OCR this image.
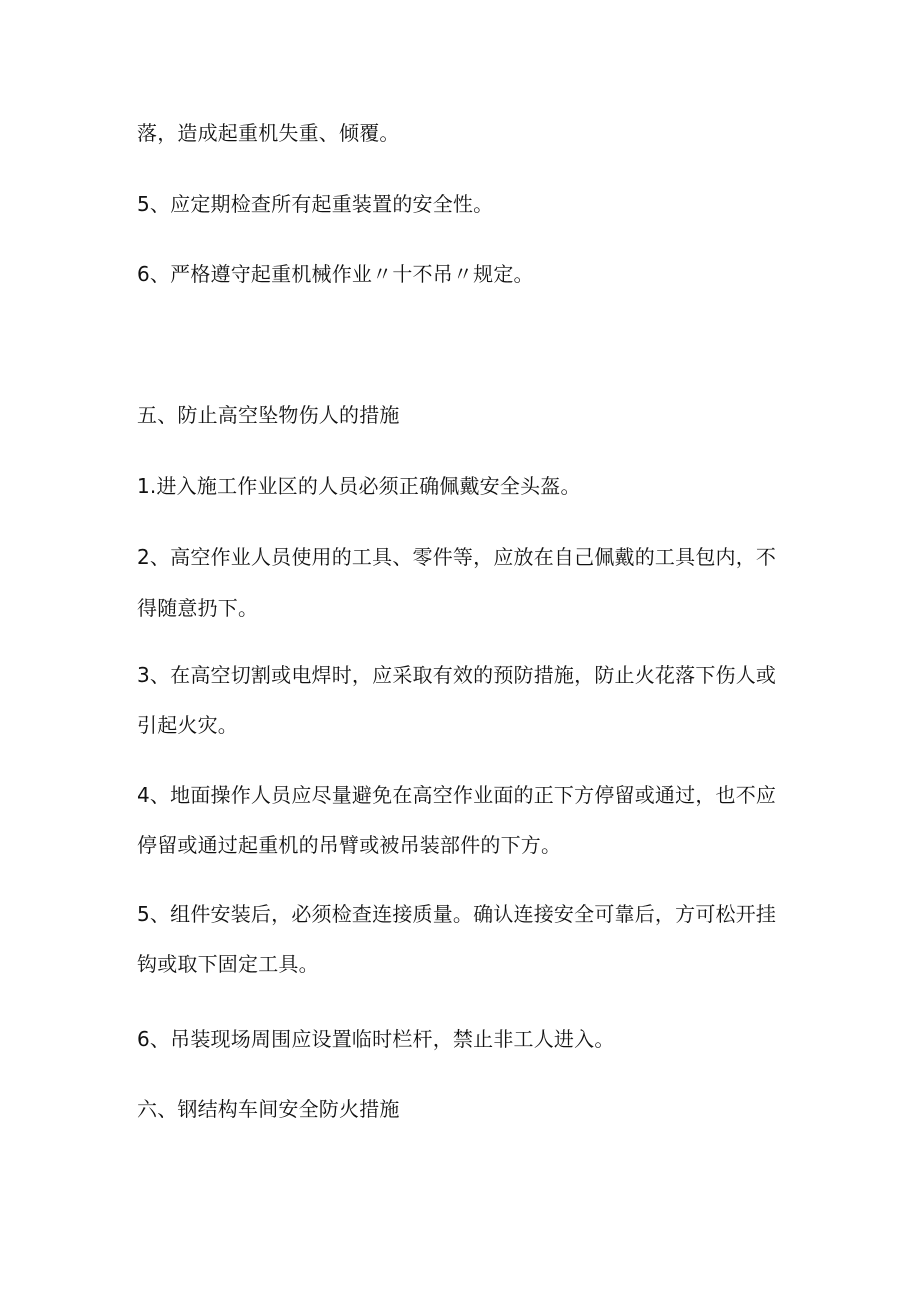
落，造成起重机失重、倾覆。
5、应定期检查所有起重装置的安全性。
6、严格遵守起重机械作业〃十不吊〃规定。
五、防止高空坠物伤人的措施
1.进入施工作业区的人员必须正确佩戴安全头盔。
2、高空作业人员使用的工具、零件等，应放在自己佩戴的工具包内，不
得随意扔下。
3、在高空切割或电焊时，应采取有效的预防措施，防止火花落下伤人或
引起火灾。
4、地面操作人员应尽量避免在高空作业面的正下方停留或通过，也不应
停留或通过起重机的吊臂或被吊装部件的下方。
5、组件安装后，必须检查连接质量。确认连接安全可靠后，方可松开挂
钩或取下固定工具。
6、吊装现场周围应设置临时栏杆，禁止非工人进入。
六、钢结构车间安全防火措施
